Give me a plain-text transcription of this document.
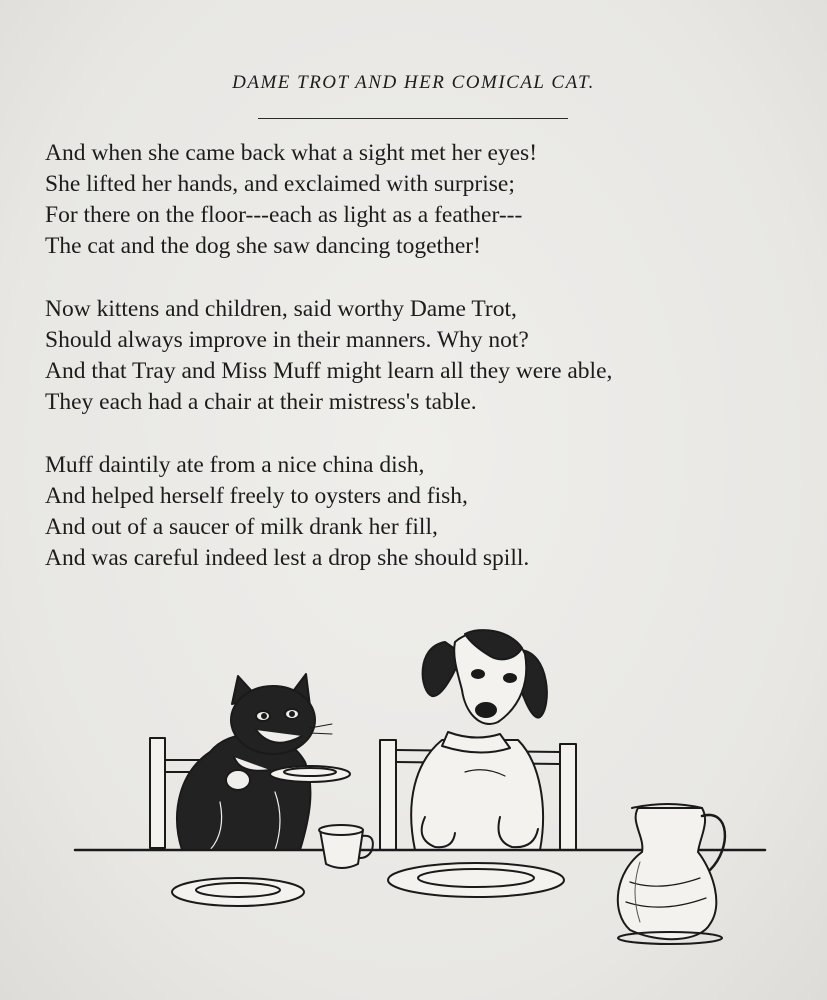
DAME TROT AND HER COMICAL CAT.
And when she came back what a sight met her eyes!
She lifted her hands, and exclaimed with surprise;
For there on the floor---each as light as a feather---
The cat and the dog she saw dancing together!
Now kittens and children, said worthy Dame Trot,
Should always improve in their manners. Why not?
And that Tray and Miss Muff might learn all they were able,
They each had a chair at their mistress's table.
Muff daintily ate from a nice china dish,
And helped herself freely to oysters and fish,
And out of a saucer of milk drank her fill,
And was careful indeed lest a drop she should spill.
